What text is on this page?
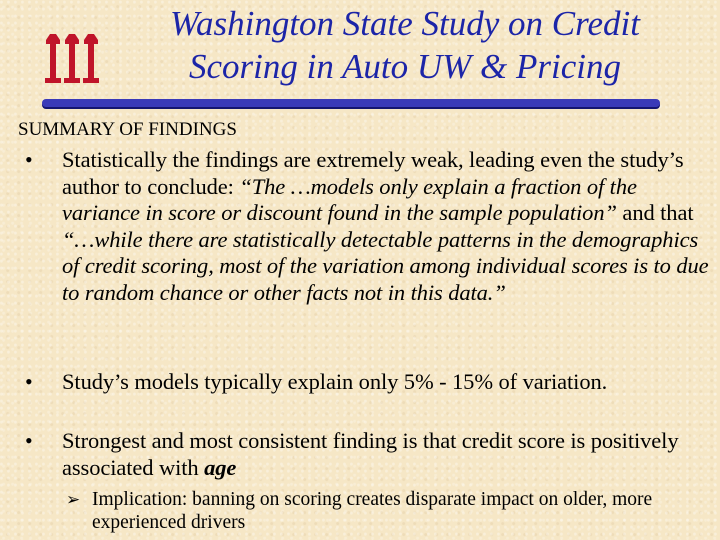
Washington State Study on Credit
Scoring in Auto UW & Pricing
SUMMARY OF FINDINGS
• Statistically the findings are extremely weak, leading even the study’s author to conclude: “The …models only explain a fraction of the variance in score or discount found in the sample population” and that “…while there are statistically detectable patterns in the demographics of credit scoring, most of the variation among individual scores is to due to random chance or other facts not in this data.”
• Study’s models typically explain only 5% - 15% of variation.
• Strongest and most consistent finding is that credit score is positively associated with age
➢ Implication: banning on scoring creates disparate impact on older, more experienced drivers
